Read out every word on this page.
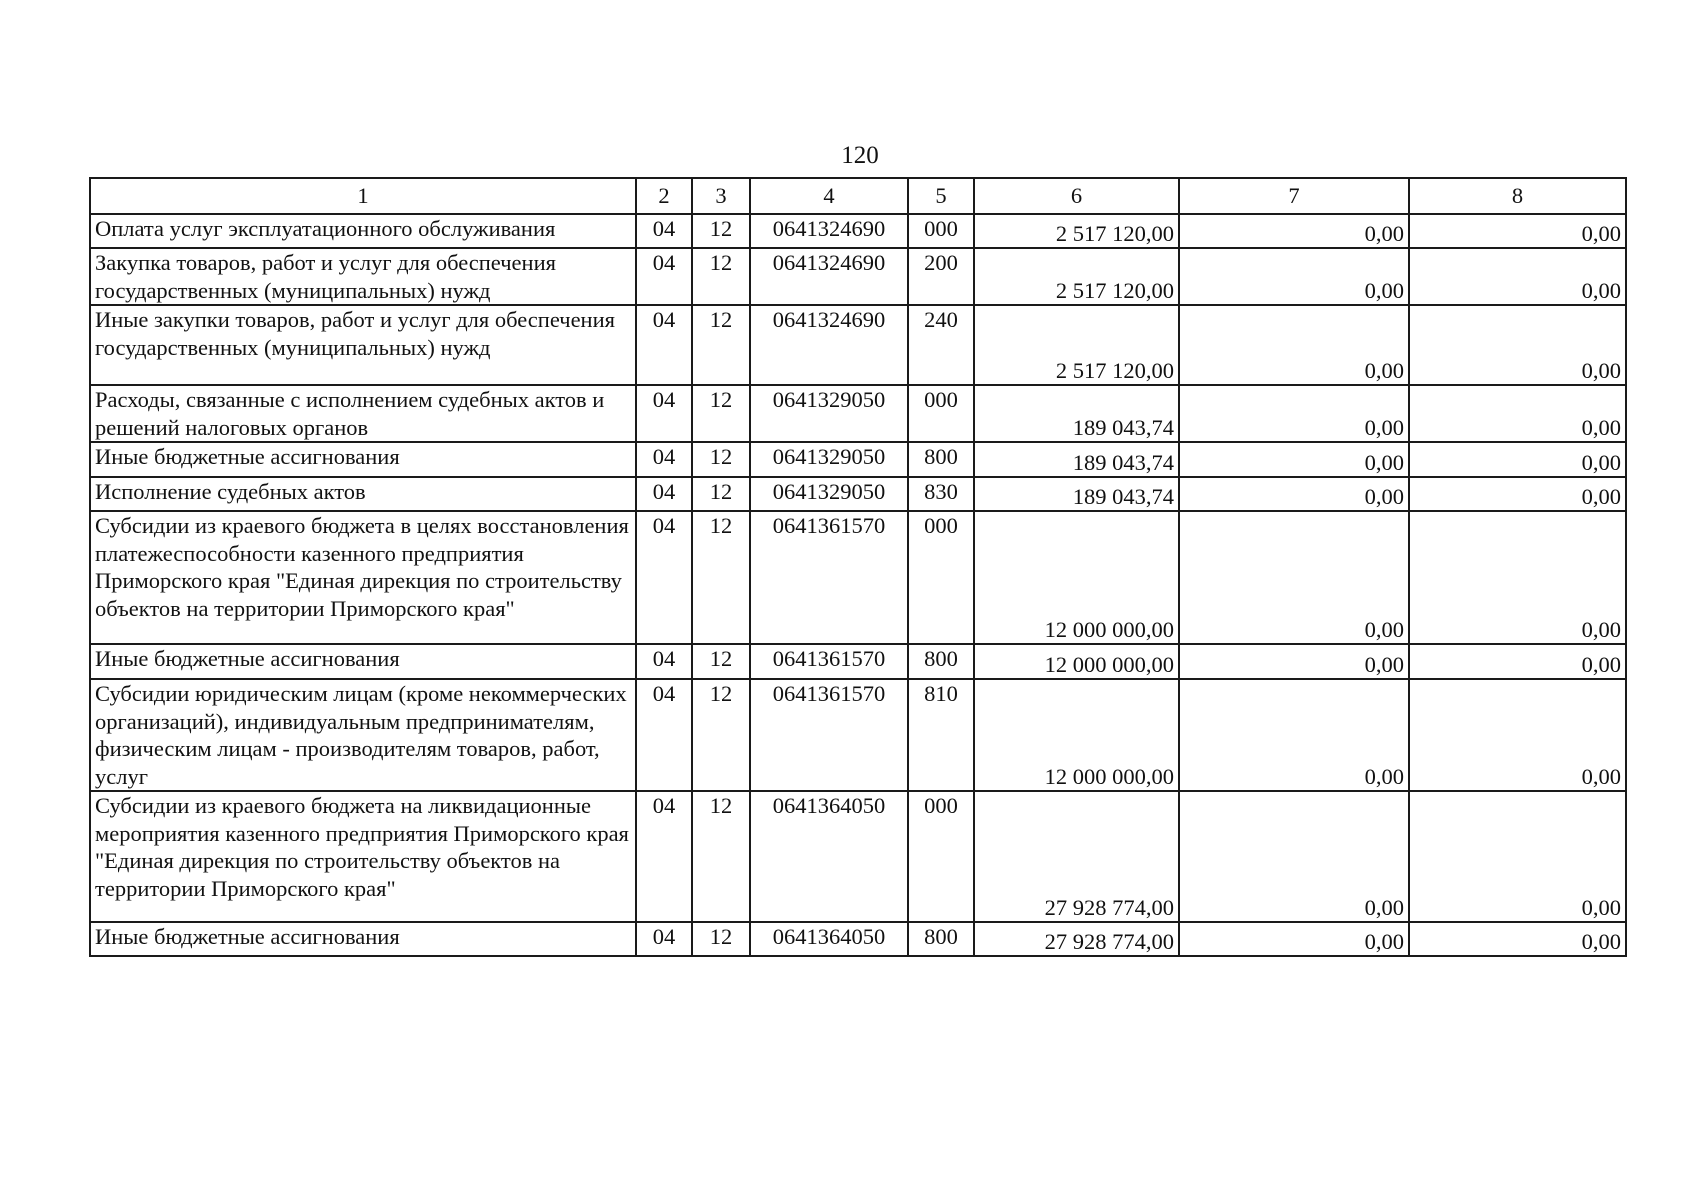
120
1	2	3	4	5	6	7	8
Оплата услуг эксплуатационного обслуживания	04	12	0641324690	000	2 517 120,00	0,00	0,00
Закупка товаров, работ и услуг для обеспечения государственных (муниципальных) нужд	04	12	0641324690	200	2 517 120,00	0,00	0,00
Иные закупки товаров, работ и услуг для обеспечения государственных (муниципальных) нужд	04	12	0641324690	240	2 517 120,00	0,00	0,00
Расходы, связанные с исполнением судебных актов и решений налоговых органов	04	12	0641329050	000	189 043,74	0,00	0,00
Иные бюджетные ассигнования	04	12	0641329050	800	189 043,74	0,00	0,00
Исполнение судебных актов	04	12	0641329050	830	189 043,74	0,00	0,00
Субсидии из краевого бюджета в целях восстановления платежеспособности казенного предприятия Приморского края "Единая дирекция по строительству объектов на территории Приморского края"	04	12	0641361570	000	12 000 000,00	0,00	0,00
Иные бюджетные ассигнования	04	12	0641361570	800	12 000 000,00	0,00	0,00
Субсидии юридическим лицам (кроме некоммерческих организаций), индивидуальным предпринимателям, физическим лицам - производителям товаров, работ, услуг	04	12	0641361570	810	12 000 000,00	0,00	0,00
Субсидии из краевого бюджета на ликвидационные мероприятия казенного предприятия Приморского края "Единая дирекция по строительству объектов на территории Приморского края"	04	12	0641364050	000	27 928 774,00	0,00	0,00
Иные бюджетные ассигнования	04	12	0641364050	800	27 928 774,00	0,00	0,00
